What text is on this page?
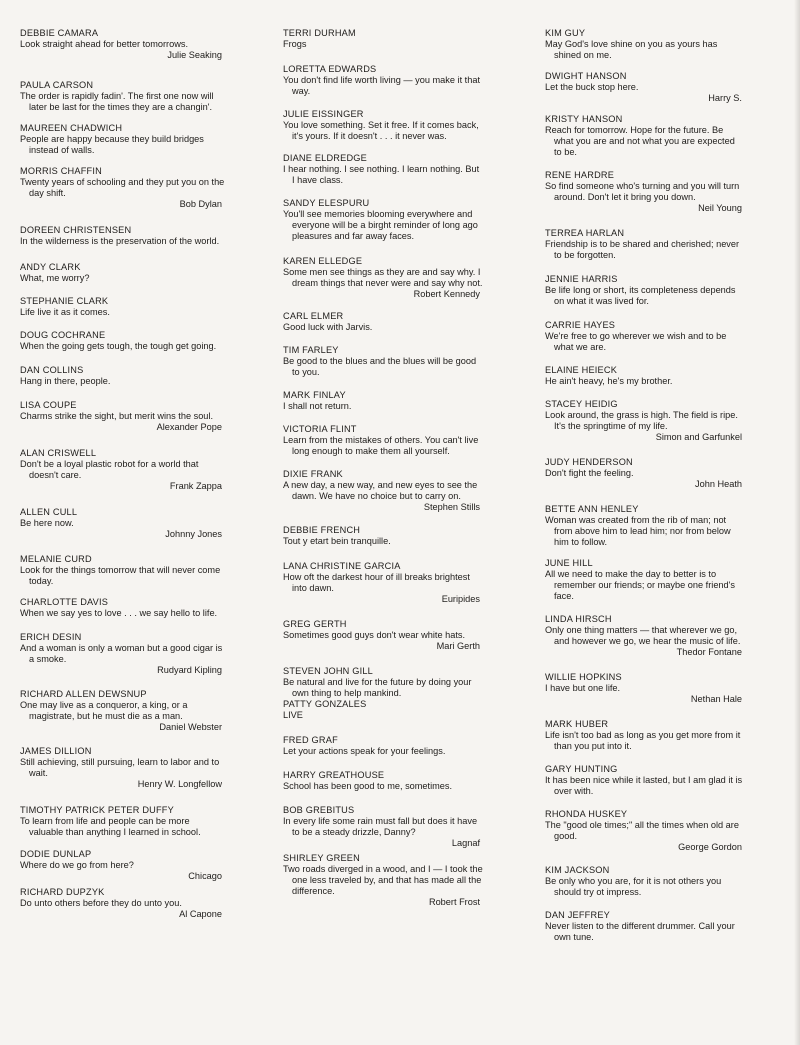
DEBBIE CAMARA
Look straight ahead for better tomorrows.
Julie Seaking
PAULA CARSON
The order is rapidly fadin'. The first one now will later be last for the times they are a changin'.
MAUREEN CHADWICH
People are happy because they build bridges instead of walls.
MORRIS CHAFFIN
Twenty years of schooling and they put you on the day shift.
Bob Dylan
DOREEN CHRISTENSEN
In the wilderness is the preservation of the world.
ANDY CLARK
What, me worry?
STEPHANIE CLARK
Life live it as it comes.
DOUG COCHRANE
When the going gets tough, the tough get going.
DAN COLLINS
Hang in there, people.
LISA COUPE
Charms strike the sight, but merit wins the soul.
Alexander Pope
ALAN CRISWELL
Don't be a loyal plastic robot for a world that doesn't care.
Frank Zappa
ALLEN CULL
Be here now.
Johnny Jones
MELANIE CURD
Look for the things tomorrow that will never come today.
CHARLOTTE DAVIS
When we say yes to love . . . we say hello to life.
ERICH DESIN
And a woman is only a woman but a good cigar is a smoke.
Rudyard Kipling
RICHARD ALLEN DEWSNUP
One may live as a conqueror, a king, or a magistrate, but he must die as a man.
Daniel Webster
JAMES DILLION
Still achieving, still pursuing, learn to labor and to wait.
Henry W. Longfellow
TIMOTHY PATRICK PETER DUFFY
To learn from life and people can be more valuable than anything I learned in school.
DODIE DUNLAP
Where do we go from here?
Chicago
RICHARD DUPZYK
Do unto others before they do unto you.
Al Capone
TERRI DURHAM
Frogs
LORETTA EDWARDS
You don't find life worth living — you make it that way.
JULIE EISSINGER
You love something. Set it free. If it comes back, it's yours. If it doesn't . . . it never was.
DIANE ELDREDGE
I hear nothing. I see nothing. I learn nothing. But I have class.
SANDY ELESPURU
You'll see memories blooming everywhere and everyone will be a birght reminder of long ago pleasures and far away faces.
KAREN ELLEDGE
Some men see things as they are and say why. I dream things that never were and say why not.
Robert Kennedy
CARL ELMER
Good luck with Jarvis.
TIM FARLEY
Be good to the blues and the blues will be good to you.
MARK FINLAY
I shall not return.
VICTORIA FLINT
Learn from the mistakes of others. You can't live long enough to make them all yourself.
DIXIE FRANK
A new day, a new way, and new eyes to see the dawn. We have no choice but to carry on.
Stephen Stills
DEBBIE FRENCH
Tout y etart bein tranquille.
LANA CHRISTINE GARCIA
How oft the darkest hour of ill breaks brightest into dawn.
Euripides
GREG GERTH
Sometimes good guys don't wear white hats.
Mari Gerth
STEVEN JOHN GILL
Be natural and live for the future by doing your own thing to help mankind.
PATTY GONZALES
LIVE
FRED GRAF
Let your actions speak for your feelings.
HARRY GREATHOUSE
School has been good to me, sometimes.
BOB GREBITUS
In every life some rain must fall but does it have to be a steady drizzle, Danny?
Lagnaf
SHIRLEY GREEN
Two roads diverged in a wood, and I — I took the one less traveled by, and that has made all the difference.
Robert Frost
KIM GUY
May God's love shine on you as yours has shined on me.
DWIGHT HANSON
Let the buck stop here.
Harry S.
KRISTY HANSON
Reach for tomorrow. Hope for the future. Be what you are and not what you are expected to be.
RENE HARDRE
So find someone who's turning and you will turn around. Don't let it bring you down.
Neil Young
TERREA HARLAN
Friendship is to be shared and cherished; never to be forgotten.
JENNIE HARRIS
Be life long or short, its completeness depends on what it was lived for.
CARRIE HAYES
We're free to go wherever we wish and to be what we are.
ELAINE HEIECK
He ain't heavy, he's my brother.
STACEY HEIDIG
Look around, the grass is high. The field is ripe. It's the springtime of my life.
Simon and Garfunkel
JUDY HENDERSON
Don't fight the feeling.
John Heath
BETTE ANN HENLEY
Woman was created from the rib of man; not from above him to lead him; nor from below him to follow.
JUNE HILL
All we need to make the day to better is to remember our friends; or maybe one friend's face.
LINDA HIRSCH
Only one thing matters — that wherever we go, and however we go, we hear the music of life.
Thedor Fontane
WILLIE HOPKINS
I have but one life.
Nethan Hale
MARK HUBER
Life isn't too bad as long as you get more from it than you put into it.
GARY HUNTING
It has been nice while it lasted, but I am glad it is over with.
RHONDA HUSKEY
The "good ole times;" all the times when old are good.
George Gordon
KIM JACKSON
Be only who you are, for it is not others you should try ot impress.
DAN JEFFREY
Never listen to the different drummer. Call your own tune.
